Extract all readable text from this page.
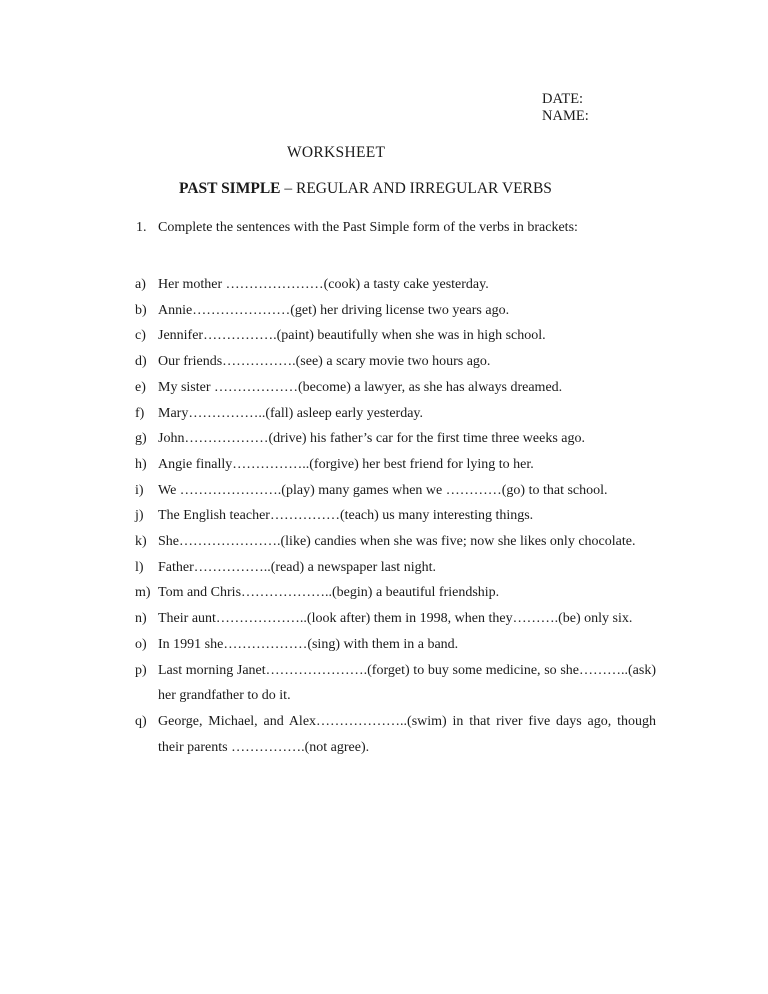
DATE:
NAME:
WORKSHEET
PAST SIMPLE – REGULAR AND IRREGULAR VERBS
1. Complete the sentences with the Past Simple form of the verbs in brackets:
a) Her mother …………………(cook) a tasty cake yesterday.
b) Annie…………………(get) her driving license two years ago.
c) Jennifer…………….(paint) beautifully when she was in high school.
d) Our friends…………….(see) a scary movie two hours ago.
e) My sister ………………(become) a lawyer, as she has always dreamed.
f) Mary……………..(fall) asleep early yesterday.
g) John………………(drive) his father’s car for the first time three weeks ago.
h) Angie finally……………..(forgive) her best friend for lying to her.
i)	We ………………….(play) many games when we …………(go) to that school.
j)	The English teacher……………(teach) us many interesting things.
k) She………………….(like) candies when she was five; now she likes only chocolate.
l)	Father……………..(read) a newspaper last night.
m) Tom and Chris………………..(begin) a beautiful friendship.
n) Their aunt………………..(look after) them in 1998, when they……….(be) only six.
o) In 1991 she………………(sing) with them in a band.
p) Last morning Janet………………….(forget) to buy some medicine, so she………..(ask) her grandfather to do it.
q) George, Michael, and Alex………………..(swim) in that river five days ago, though their parents …………….(not agree).
